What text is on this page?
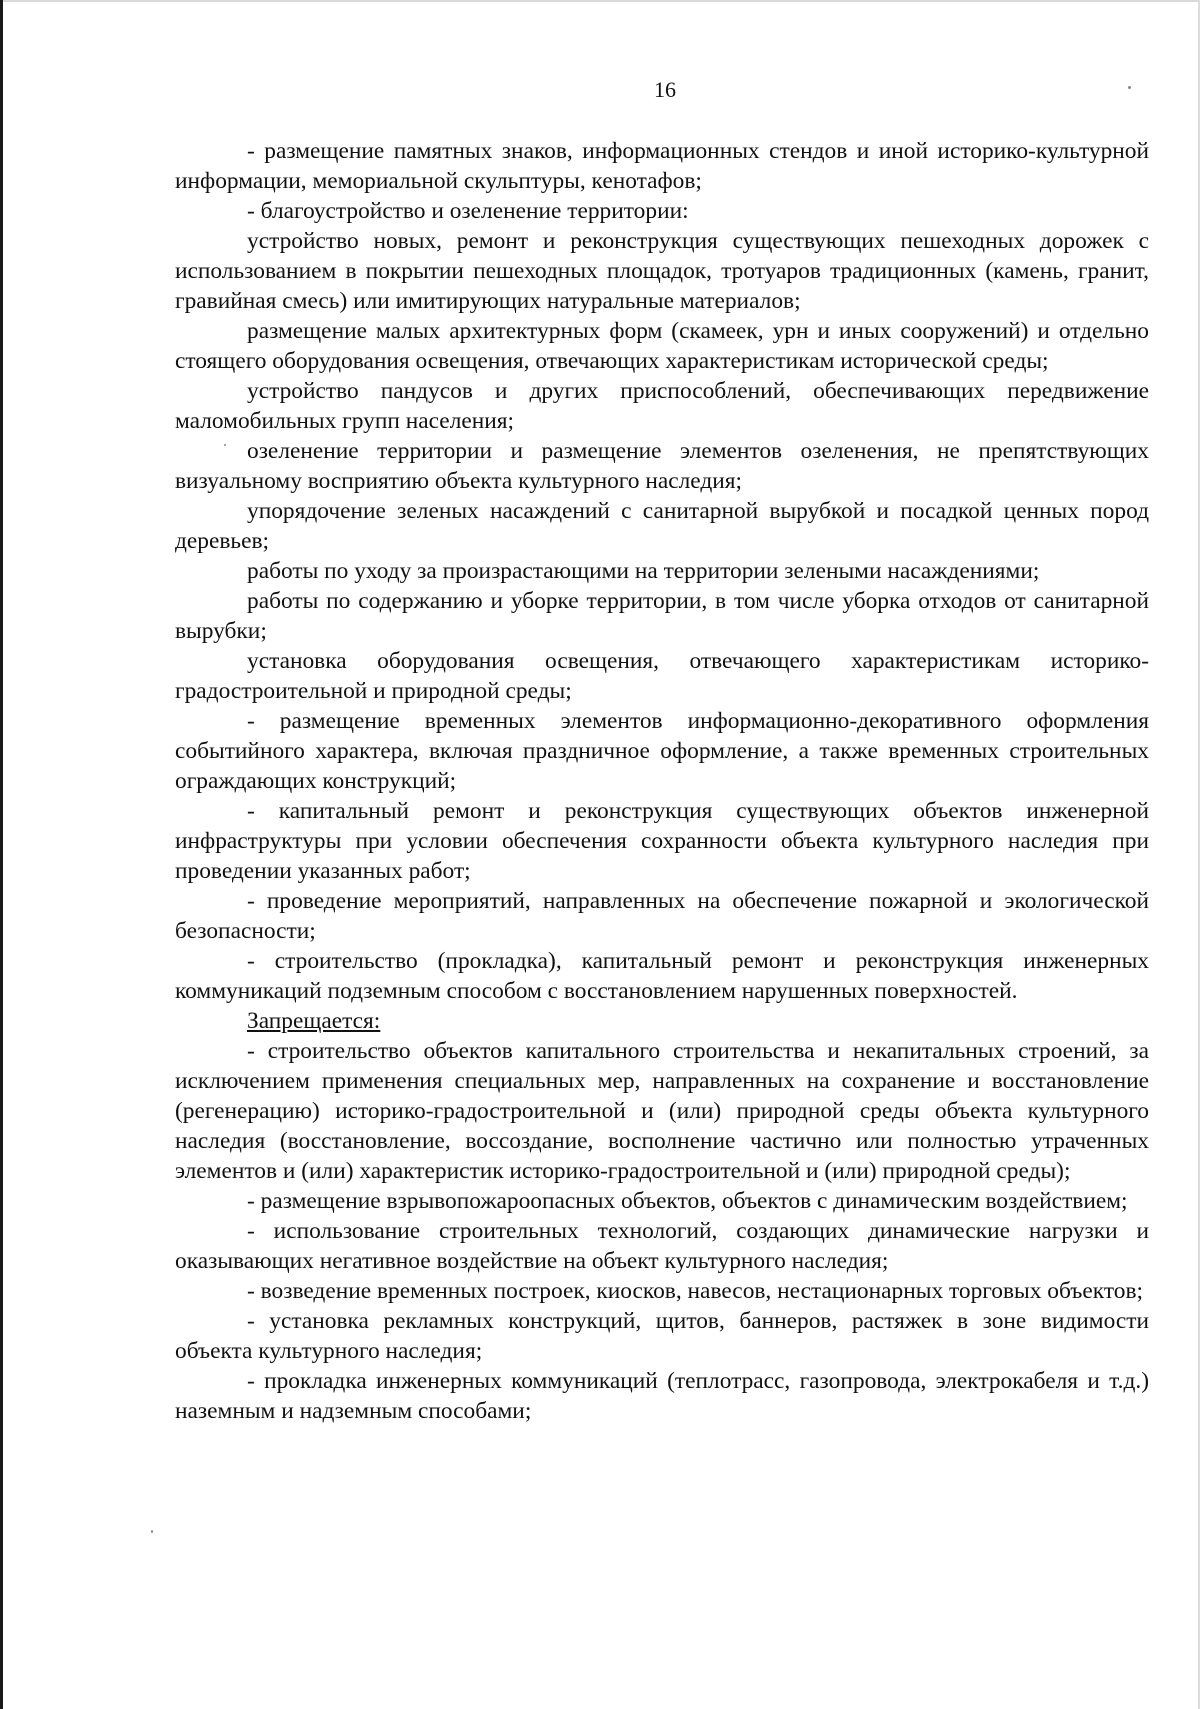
16

- размещение памятных знаков, информационных стендов и иной историко-культурной информации, мемориальной скульптуры, кенотафов;

- благоустройство и озеленение территории:

устройство новых, ремонт и реконструкция существующих пешеходных дорожек с использованием в покрытии пешеходных площадок, тротуаров традиционных (камень, гранит, гравийная смесь) или имитирующих натуральные материалов;

размещение малых архитектурных форм (скамеек, урн и иных сооружений) и отдельно стоящего оборудования освещения, отвечающих характеристикам исторической среды;

устройство пандусов и других приспособлений, обеспечивающих передвижение маломобильных групп населения;

озеленение территории и размещение элементов озеленения, не препятствующих визуальному восприятию объекта культурного наследия;

упорядочение зеленых насаждений с санитарной вырубкой и посадкой ценных пород деревьев;

работы по уходу за произрастающими на территории зелеными насаждениями;

работы по содержанию и уборке территории, в том числе уборка отходов от санитарной вырубки;

установка оборудования освещения, отвечающего характеристикам историко-градостроительной и природной среды;

- размещение временных элементов информационно-декоративного оформления событийного характера, включая праздничное оформление, а также временных строительных ограждающих конструкций;

- капитальный ремонт и реконструкция существующих объектов инженерной инфраструктуры при условии обеспечения сохранности объекта культурного наследия при проведении указанных работ;

- проведение мероприятий, направленных на обеспечение пожарной и экологической безопасности;

- строительство (прокладка), капитальный ремонт и реконструкция инженерных коммуникаций подземным способом с восстановлением нарушенных поверхностей.

Запрещается:

- строительство объектов капитального строительства и некапитальных строений, за исключением применения специальных мер, направленных на сохранение и восстановление (регенерацию) историко-градостроительной и (или) природной среды объекта культурного наследия (восстановление, воссоздание, восполнение частично или полностью утраченных элементов и (или) характеристик историко-градостроительной и (или) природной среды);

- размещение взрывопожароопасных объектов, объектов с динамическим воздействием;

- использование строительных технологий, создающих динамические нагрузки и оказывающих негативное воздействие на объект культурного наследия;

- возведение временных построек, киосков, навесов, нестационарных торговых объектов;

- установка рекламных конструкций, щитов, баннеров, растяжек в зоне видимости объекта культурного наследия;

- прокладка инженерных коммуникаций (теплотрасс, газопровода, электрокабеля и т.д.) наземным и надземным способами;
